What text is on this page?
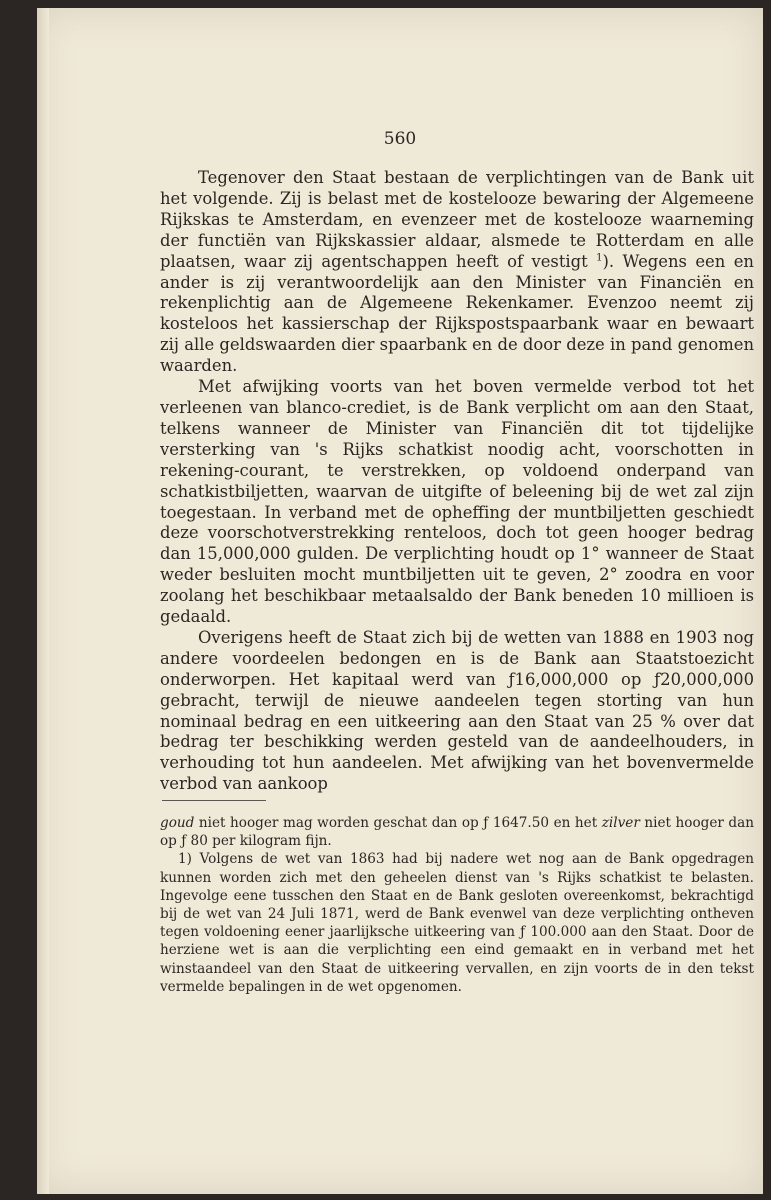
560

Tegenover den Staat bestaan de verplichtingen van de Bank uit het volgende. Zij is belast met de kostelooze bewaring der Algemeene Rijkskas te Amsterdam, en evenzeer met de kostelooze waarneming der functiën van Rijkskassier aldaar, alsmede te Rotterdam en alle plaatsen, waar zij agentschappen heeft of vestigt $^1$). Wegens een en ander is zij verantwoordelijk aan den Minister van Financiën en rekenplichtig aan de Algemeene Rekenkamer. Evenzoo neemt zij kosteloos het kassierschap der Rijkspostspaarbank waar en bewaart zij alle geldswaarden dier spaarbank en de door deze in pand genomen waarden.

Met afwijking voorts van het boven vermelde verbod tot het verleenen van blanco-crediet, is de Bank verplicht om aan den Staat, telkens wanneer de Minister van Financiën dit tot tijdelijke versterking van 's Rijks schatkist noodig acht, voorschotten in rekening-courant, te verstrekken, op voldoend onderpand van schatkistbiljetten, waarvan de uitgifte of beleening bij de wet zal zijn toegestaan. In verband met de opheffing der muntbiljetten geschiedt deze voorschotverstrekking renteloos, doch tot geen hooger bedrag dan 15,000,000 gulden. De verplichting houdt op 1° wanneer de Staat weder besluiten mocht muntbiljetten uit te geven, 2° zoodra en voor zoolang het beschikbaar metaalsaldo der Bank beneden 10 millioen is gedaald.

Overigens heeft de Staat zich bij de wetten van 1888 en 1903 nog andere voordeelen bedongen en is de Bank aan Staatstoezicht onderworpen. Het kapitaal werd van ƒ16,000,000 op ƒ20,000,000 gebracht, terwijl de nieuwe aandeelen tegen storting van hun nominaal bedrag en een uitkeering aan den Staat van 25 % over dat bedrag ter beschikking werden gesteld van de aandeelhouders, in verhouding tot hun aandeelen. Met afwijking van het bovenvermelde verbod van aankoop

goud niet hooger mag worden geschat dan op ƒ 1647.50 en het zilver niet hooger dan op ƒ 80 per kilogram fijn.

1) Volgens de wet van 1863 had bij nadere wet nog aan de Bank opgedragen kunnen worden zich met den geheelen dienst van 's Rijks schatkist te belasten. Ingevolge eene tusschen den Staat en de Bank gesloten overeenkomst, bekrachtigd bij de wet van 24 Juli 1871, werd de Bank evenwel van deze verplichting ontheven tegen voldoening eener jaarlijksche uitkeering van ƒ 100.000 aan den Staat. Door de herziene wet is aan die verplichting een eind gemaakt en in verband met het winstaandeel van den Staat de uitkeering vervallen, en zijn voorts de in den tekst vermelde bepalingen in de wet opgenomen.
